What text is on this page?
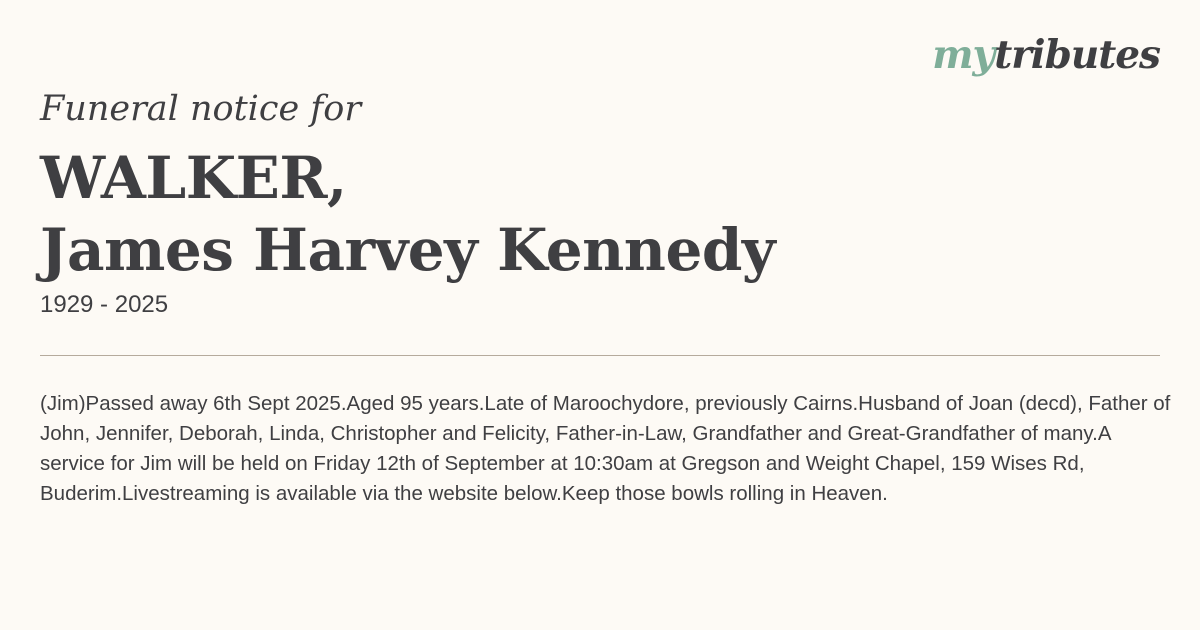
mytributes
Funeral notice for
WALKER,
James Harvey Kennedy
1929 - 2025
(Jim)Passed away 6th Sept 2025.Aged 95 years.Late of Maroochydore, previously Cairns.Husband of Joan (decd), Father of John, Jennifer, Deborah, Linda, Christopher and Felicity, Father-in-Law, Grandfather and Great-Grandfather of many.A service for Jim will be held on Friday 12th of September at 10:30am at Gregson and Weight Chapel, 159 Wises Rd, Buderim.Livestreaming is available via the website below.Keep those bowls rolling in Heaven.
